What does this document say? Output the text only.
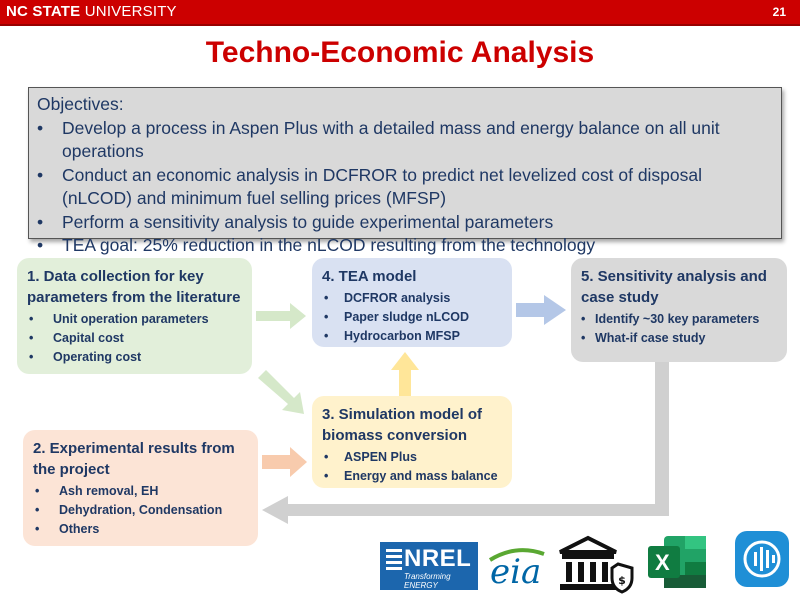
NC STATE UNIVERSITY	21
Techno-Economic Analysis
Objectives:
• Develop a process in Aspen Plus with a detailed mass and energy balance on all unit operations
• Conduct an economic analysis in DCFROR to predict net levelized cost of disposal (nLCOD) and minimum fuel selling prices (MFSP)
• Perform a sensitivity analysis to guide experimental parameters
• TEA goal: 25% reduction in the nLCOD resulting from the technology
1. Data collection for key parameters from the literature
• Unit operation parameters
• Capital cost
• Operating cost
2. Experimental results from the project
• Ash removal, EH
• Dehydration, Condensation
• Others
3. Simulation model of biomass conversion
• ASPEN Plus
• Energy and mass balance
4. TEA model
• DCFROR analysis
• Paper sludge nLCOD
• Hydrocarbon MFSP
5. Sensitivity analysis and case study
• Identify ~30 key parameters
• What-if case study
NREL
Transforming ENERGY	eia	$
X
